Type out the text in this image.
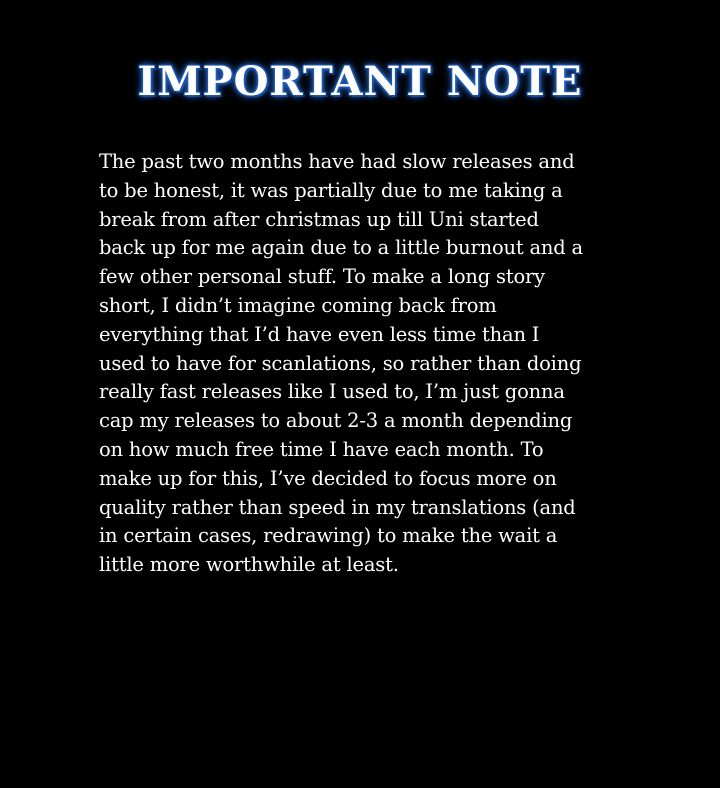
IMPORTANT NOTE

The past two months have had slow releases and
to be honest, it was partially due to me taking a
break from after christmas up till Uni started
back up for me again due to a little burnout and a
few other personal stuff. To make a long story
short, I didn’t imagine coming back from
everything that I’d have even less time than I
used to have for scanlations, so rather than doing
really fast releases like I used to, I’m just gonna
cap my releases to about 2-3 a month depending
on how much free time I have each month. To
make up for this, I’ve decided to focus more on
quality rather than speed in my translations (and
in certain cases, redrawing) to make the wait a
little more worthwhile at least.
